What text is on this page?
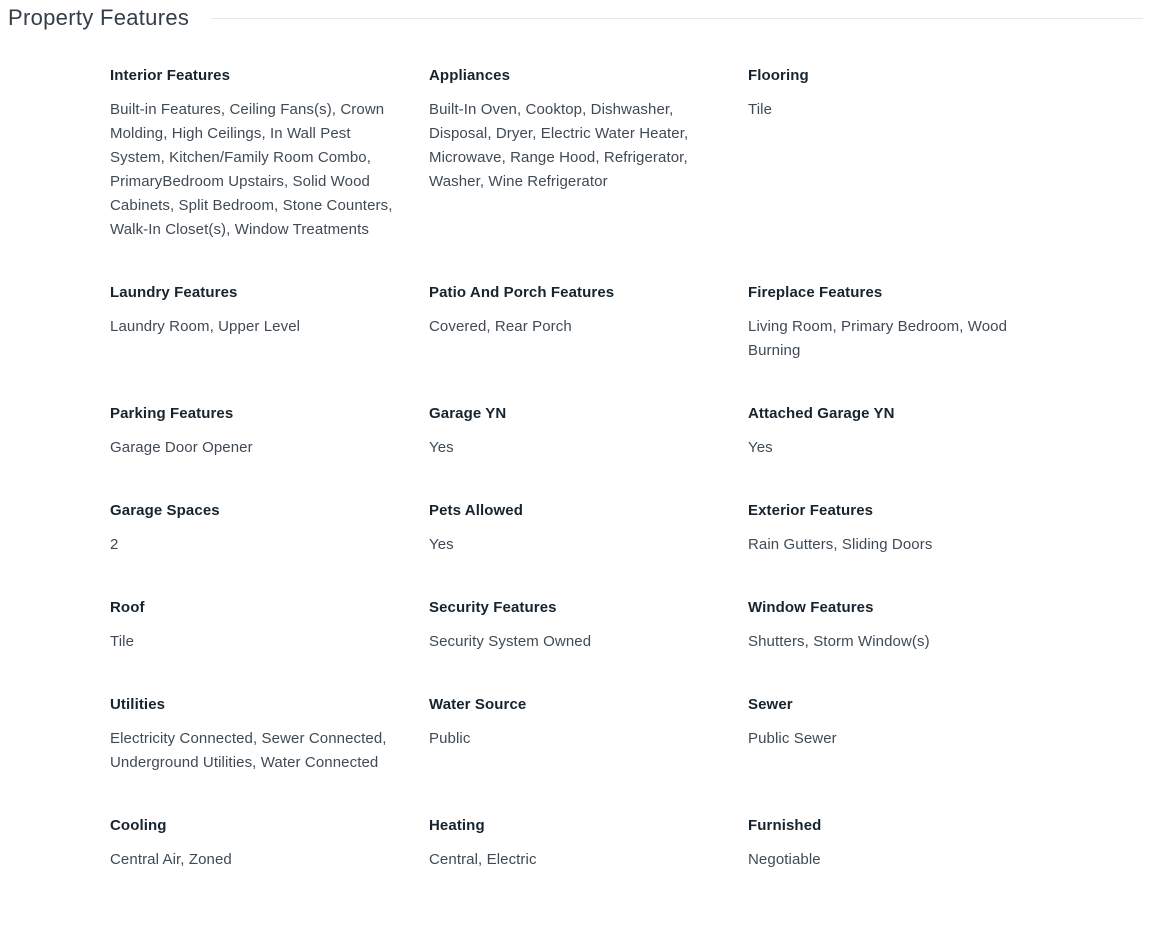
Property Features
Interior Features
Built-in Features, Ceiling Fans(s), Crown Molding, High Ceilings, In Wall Pest System, Kitchen/Family Room Combo, PrimaryBedroom Upstairs, Solid Wood Cabinets, Split Bedroom, Stone Counters, Walk-In Closet(s), Window Treatments
Appliances
Built-In Oven, Cooktop, Dishwasher, Disposal, Dryer, Electric Water Heater, Microwave, Range Hood, Refrigerator, Washer, Wine Refrigerator
Flooring
Tile
Laundry Features
Laundry Room, Upper Level
Patio And Porch Features
Covered, Rear Porch
Fireplace Features
Living Room, Primary Bedroom, Wood Burning
Parking Features
Garage Door Opener
Garage YN
Yes
Attached Garage YN
Yes
Garage Spaces
2
Pets Allowed
Yes
Exterior Features
Rain Gutters, Sliding Doors
Roof
Tile
Security Features
Security System Owned
Window Features
Shutters, Storm Window(s)
Utilities
Electricity Connected, Sewer Connected, Underground Utilities, Water Connected
Water Source
Public
Sewer
Public Sewer
Cooling
Central Air, Zoned
Heating
Central, Electric
Furnished
Negotiable
